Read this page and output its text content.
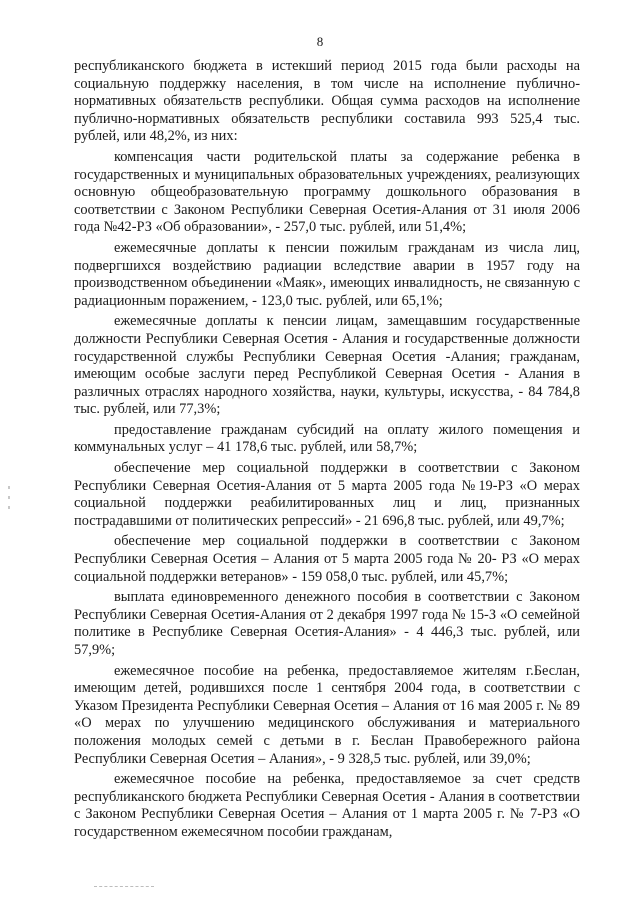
8

республиканского бюджета в истекший период 2015 года были расходы на социальную поддержку населения, в том числе на исполнение публично-нормативных обязательств республики. Общая сумма расходов на исполнение публично-нормативных обязательств республики составила 993 525,4 тыс. рублей, или 48,2%, из них:

компенсация части родительской платы за содержание ребенка в государственных и муниципальных образовательных учреждениях, реализующих основную общеобразовательную программу дошкольного образования в соответствии с Законом Республики Северная Осетия-Алания от 31 июля 2006 года №42-РЗ «Об образовании», - 257,0 тыс. рублей, или 51,4%;

ежемесячные доплаты к пенсии пожилым гражданам из числа лиц, подвергшихся воздействию радиации вследствие аварии в 1957 году на производственном объединении «Маяк», имеющих инвалидность, не связанную с радиационным поражением, - 123,0 тыс. рублей, или 65,1%;

ежемесячные доплаты к пенсии лицам, замещавшим государственные должности Республики Северная Осетия - Алания и государственные должности государственной службы Республики Северная Осетия -Алания; гражданам, имеющим особые заслуги перед Республикой Северная Осетия - Алания в различных отраслях народного хозяйства, науки, культуры, искусства, - 84 784,8 тыс. рублей, или 77,3%;

предоставление гражданам субсидий на оплату жилого помещения и коммунальных услуг – 41 178,6 тыс. рублей, или 58,7%;

обеспечение мер социальной поддержки в соответствии с Законом Республики Северная Осетия-Алания от 5 марта 2005 года №19-РЗ «О мерах социальной поддержки реабилитированных лиц и лиц, признанных пострадавшими от политических репрессий» - 21 696,8 тыс. рублей, или 49,7%;

обеспечение мер социальной поддержки в соответствии с Законом Республики Северная Осетия – Алания от 5 марта 2005 года № 20- РЗ «О мерах социальной поддержки ветеранов» - 159 058,0 тыс. рублей, или 45,7%;

выплата единовременного денежного пособия в соответствии с Законом Республики Северная Осетия-Алания от 2 декабря 1997 года № 15-З «О семейной политике в Республике Северная Осетия-Алания» - 4 446,3 тыс. рублей, или 57,9%;

ежемесячное пособие на ребенка, предоставляемое жителям г.Беслан, имеющим детей, родившихся после 1 сентября 2004 года, в соответствии с Указом Президента Республики Северная Осетия – Алания от 16 мая 2005 г. № 89 «О мерах по улучшению медицинского обслуживания и материального положения молодых семей с детьми в г. Беслан Правобережного района Республики Северная Осетия – Алания», - 9 328,5 тыс. рублей, или 39,0%;

ежемесячное пособие на ребенка, предоставляемое за счет средств республиканского бюджета Республики Северная Осетия - Алания в соответствии с Законом Республики Северная Осетия – Алания от 1 марта 2005 г. № 7-РЗ «О государственном ежемесячном пособии гражданам,
